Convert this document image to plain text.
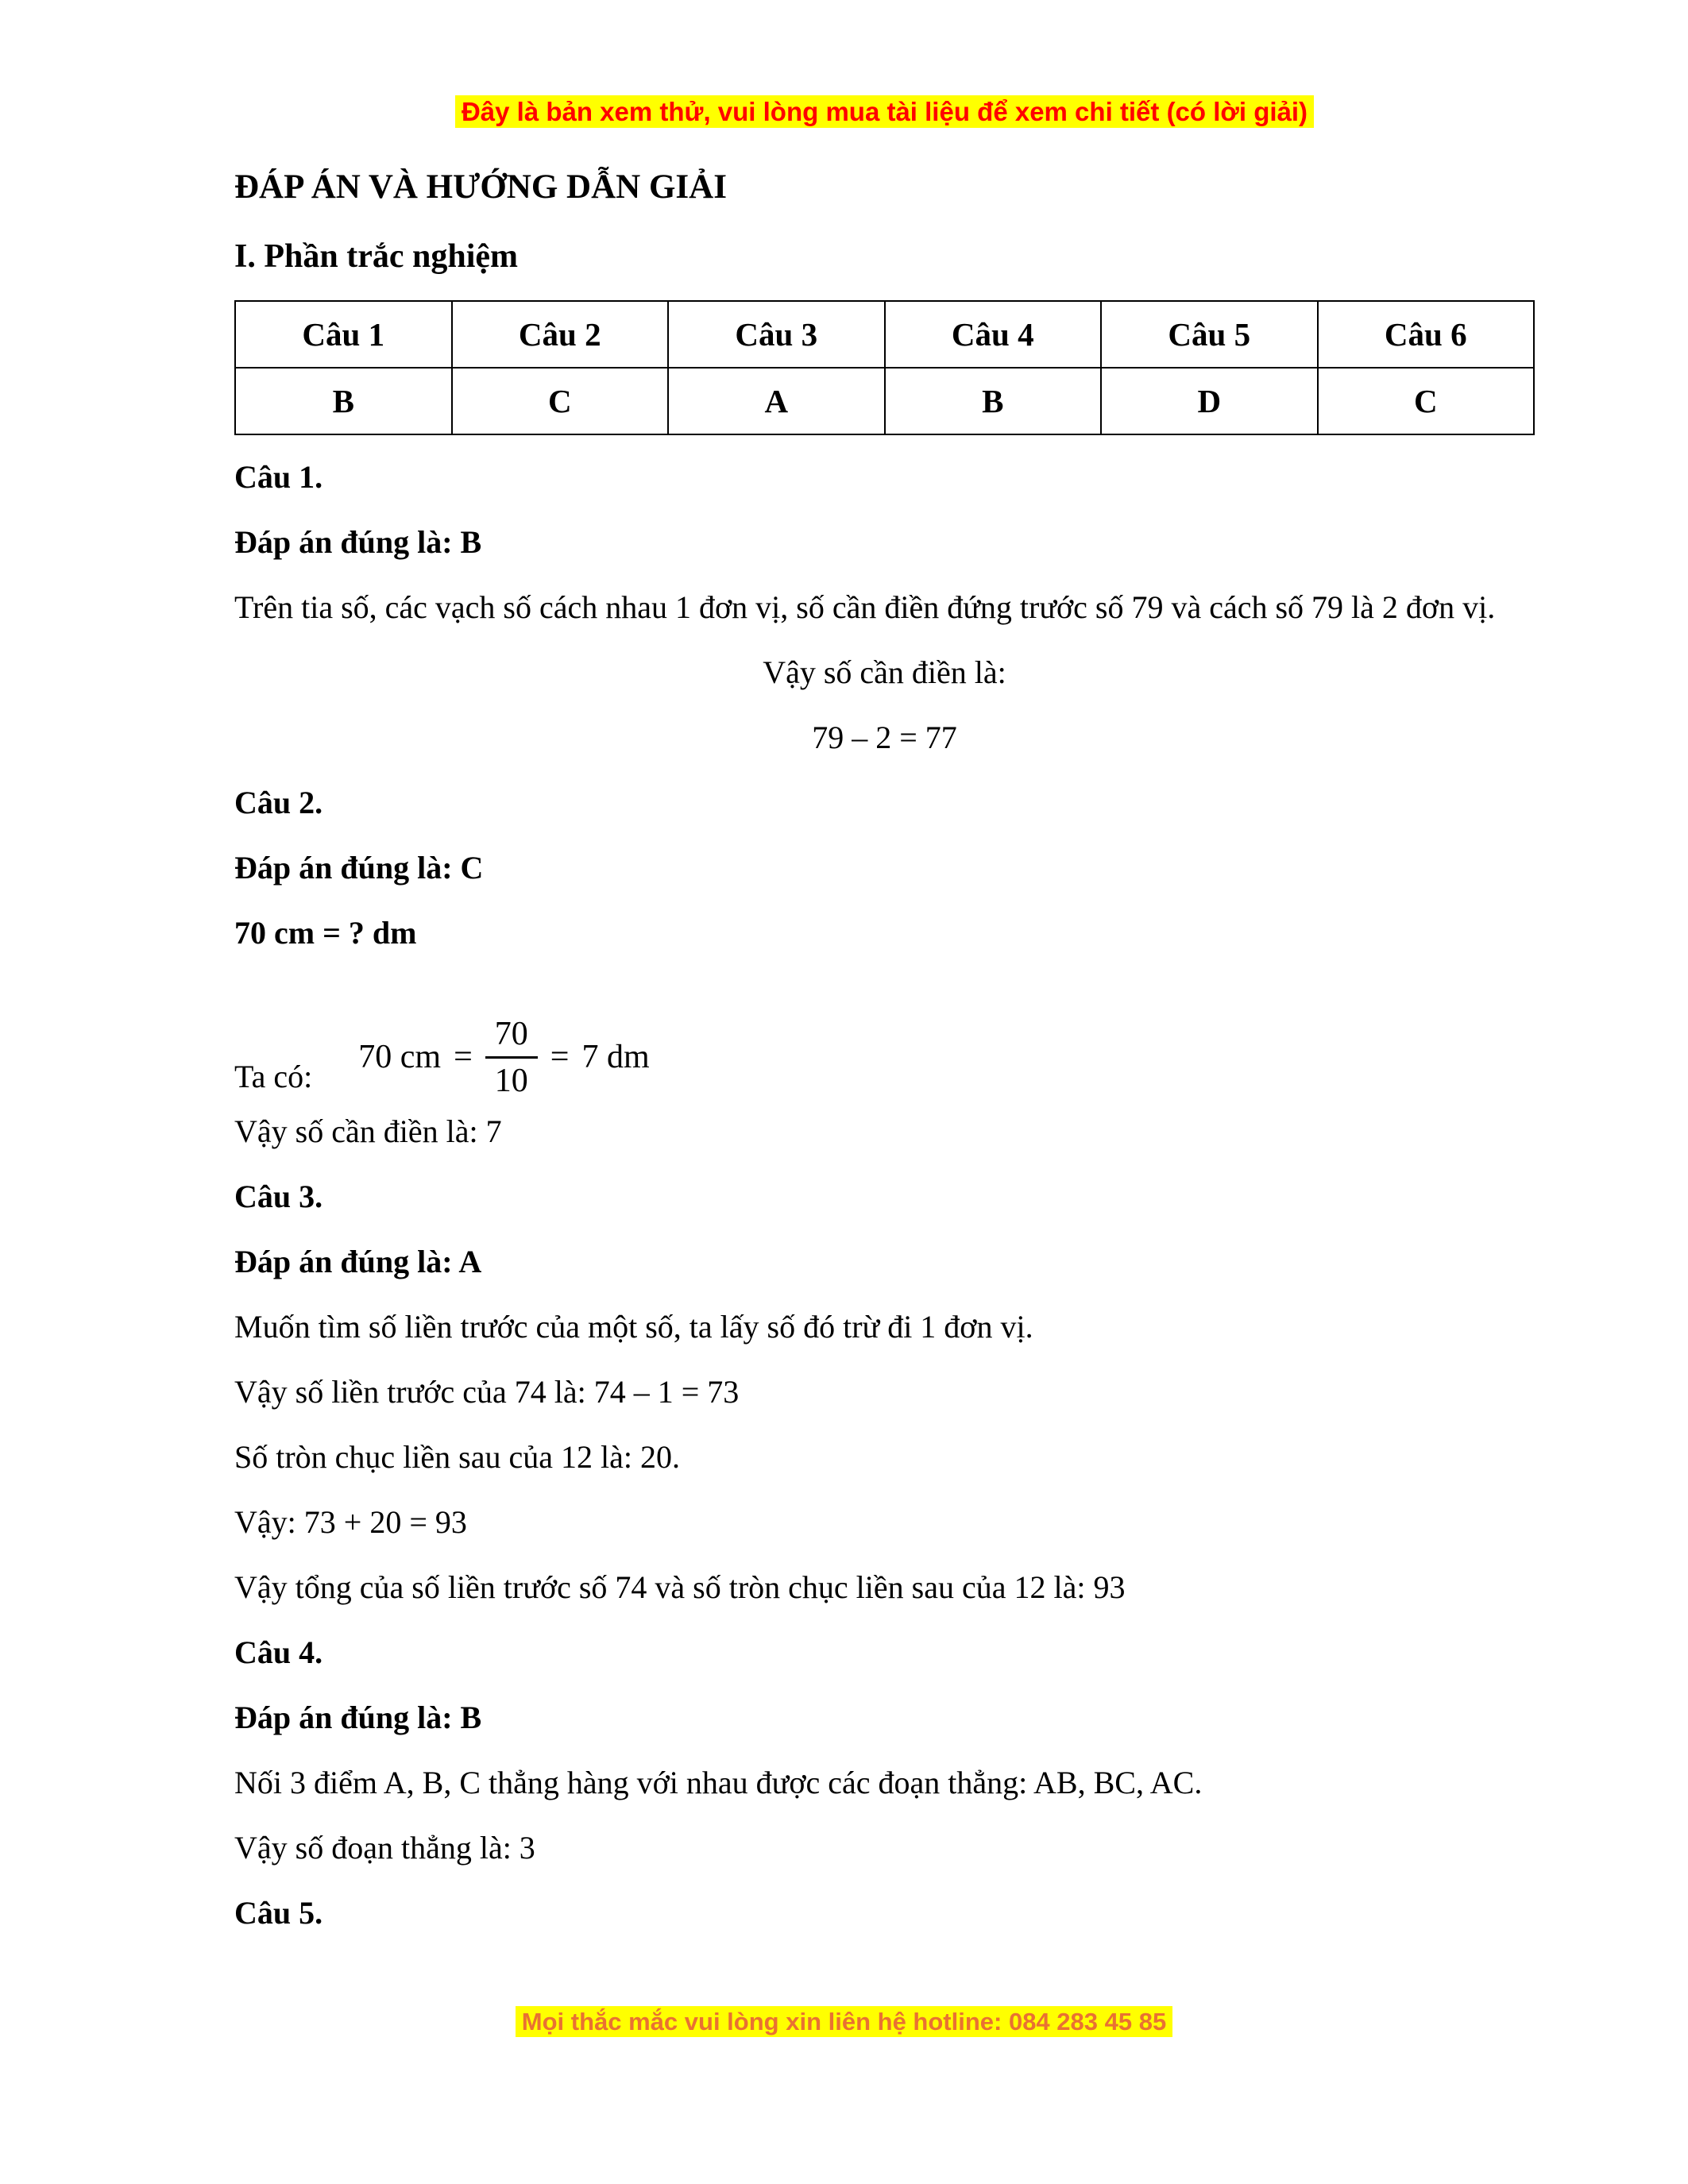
Đây là bản xem thử, vui lòng mua tài liệu để xem chi tiết (có lời giải)
ĐÁP ÁN VÀ HƯỚNG DẪN GIẢI
I. Phần trắc nghiệm
Câu 1	Câu 2	Câu 3	Câu 4	Câu 5	Câu 6
B	C	A	B	D	C

Câu 1.

Đáp án đúng là: B

Trên tia số, các vạch số cách nhau 1 đơn vị, số cần điền đứng trước số 79 và cách số 79 là 2 đơn vị.

Vậy số cần điền là:

79 – 2 = 77

Câu 2.

Đáp án đúng là: C

70 cm = ? dm

Ta có:
70 cm = $\frac{70}{10} = 7$ dm

Vậy số cần điền là: 7

Câu 3.

Đáp án đúng là: A

Muốn tìm số liền trước của một số, ta lấy số đó trừ đi 1 đơn vị.

Vậy số liền trước của 74 là: 74 – 1 = 73

Số tròn chục liền sau của 12 là: 20.

Vậy: 73 + 20 = 93

Vậy tổng của số liền trước số 74 và số tròn chục liền sau của 12 là: 93

Câu 4.

Đáp án đúng là: B

Nối 3 điểm A, B, C thẳng hàng với nhau được các đoạn thẳng: AB, BC, AC.

Vậy số đoạn thẳng là: 3

Câu 5.

Mọi thắc mắc vui lòng xin liên hệ hotline: 084 283 45 85
